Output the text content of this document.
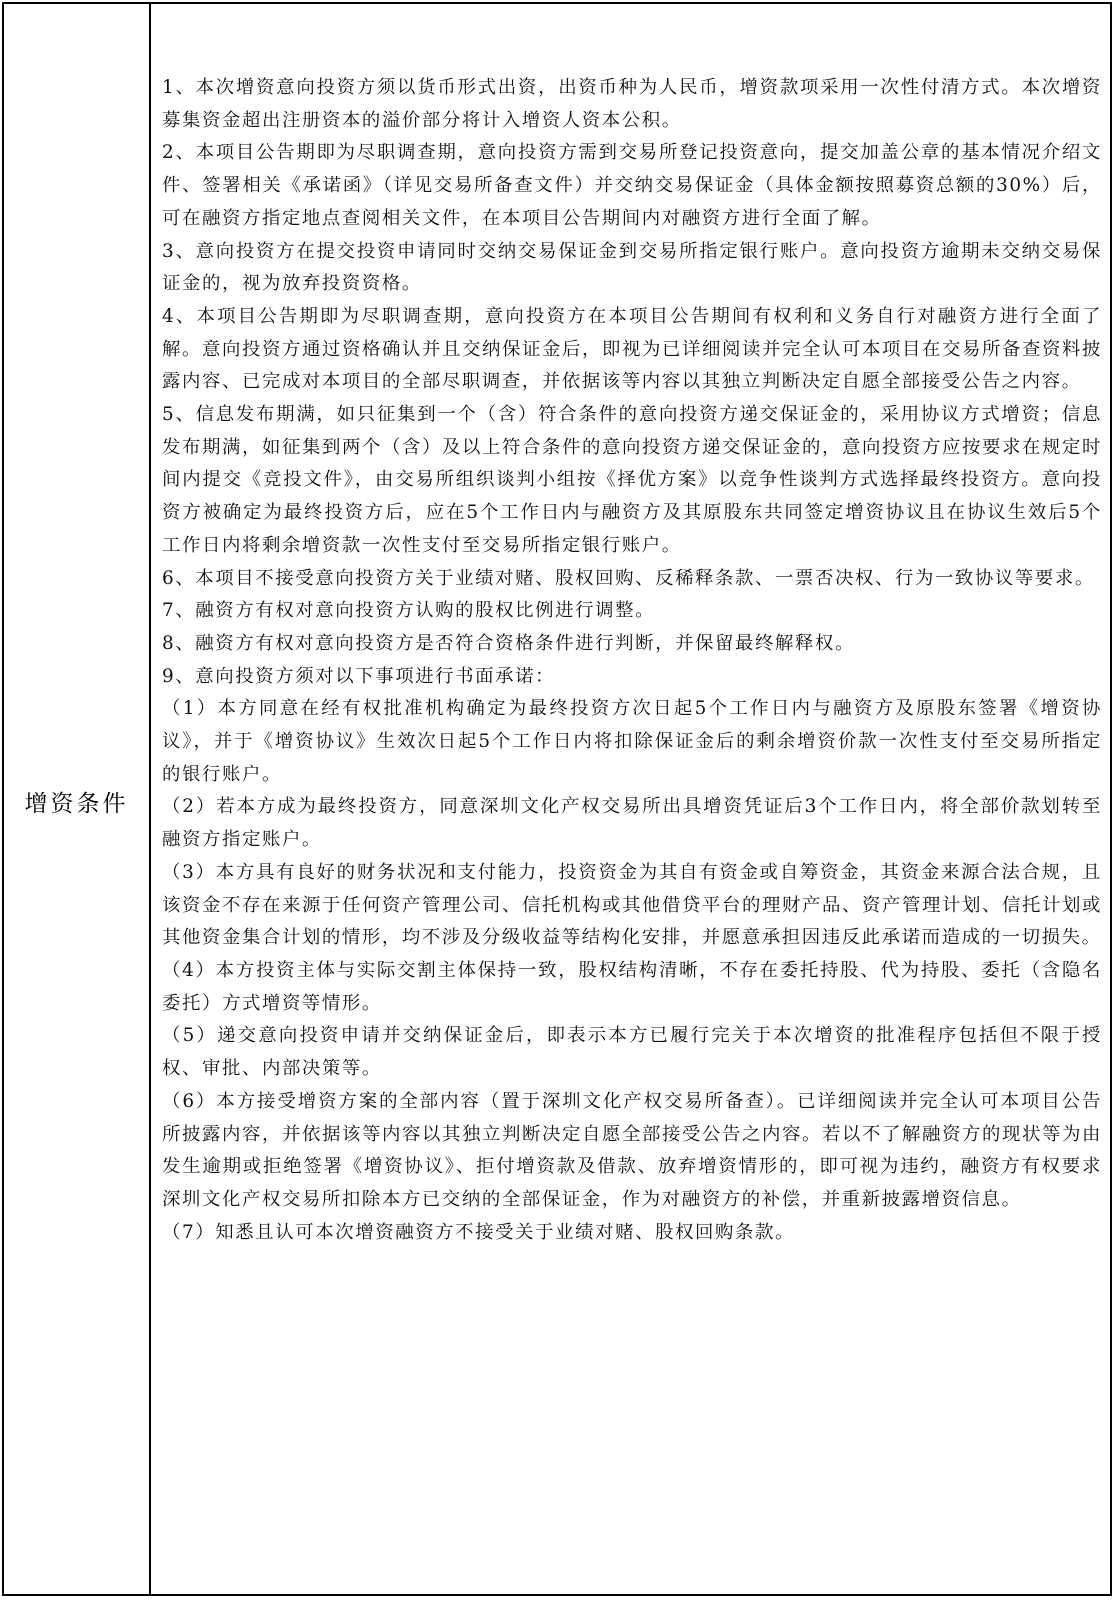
增资条件

1、本次增资意向投资方须以货币形式出资，出资币种为人民币，增资款项采用一次性付清方式。本次增资募集资金超出注册资本的溢价部分将计入增资人资本公积。

2、本项目公告期即为尽职调查期，意向投资方需到交易所登记投资意向，提交加盖公章的基本情况介绍文件、签署相关《承诺函》（详见交易所备查文件）并交纳交易保证金（具体金额按照募资总额的30%）后，可在融资方指定地点查阅相关文件，在本项目公告期间内对融资方进行全面了解。

3、意向投资方在提交投资申请同时交纳交易保证金到交易所指定银行账户。意向投资方逾期未交纳交易保证金的，视为放弃投资资格。

4、本项目公告期即为尽职调查期，意向投资方在本项目公告期间有权利和义务自行对融资方进行全面了解。意向投资方通过资格确认并且交纳保证金后，即视为已详细阅读并完全认可本项目在交易所备查资料披露内容、已完成对本项目的全部尽职调查，并依据该等内容以其独立判断决定自愿全部接受公告之内容。

5、信息发布期满，如只征集到一个（含）符合条件的意向投资方递交保证金的，采用协议方式增资；信息发布期满，如征集到两个（含）及以上符合条件的意向投资方递交保证金的，意向投资方应按要求在规定时间内提交《竞投文件》，由交易所组织谈判小组按《择优方案》以竞争性谈判方式选择最终投资方。意向投资方被确定为最终投资方后，应在5个工作日内与融资方及其原股东共同签定增资协议且在协议生效后5个工作日内将剩余增资款一次性支付至交易所指定银行账户。

6、本项目不接受意向投资方关于业绩对赌、股权回购、反稀释条款、一票否决权、行为一致协议等要求。

7、融资方有权对意向投资方认购的股权比例进行调整。

8、融资方有权对意向投资方是否符合资格条件进行判断，并保留最终解释权。

9、意向投资方须对以下事项进行书面承诺：

（1）本方同意在经有权批准机构确定为最终投资方次日起5个工作日内与融资方及原股东签署《增资协议》，并于《增资协议》生效次日起5个工作日内将扣除保证金后的剩余增资价款一次性支付至交易所指定的银行账户。

（2）若本方成为最终投资方，同意深圳文化产权交易所出具增资凭证后3个工作日内，将全部价款划转至融资方指定账户。

（3）本方具有良好的财务状况和支付能力，投资资金为其自有资金或自筹资金，其资金来源合法合规，且该资金不存在来源于任何资产管理公司、信托机构或其他借贷平台的理财产品、资产管理计划、信托计划或其他资金集合计划的情形，均不涉及分级收益等结构化安排，并愿意承担因违反此承诺而造成的一切损失。

（4）本方投资主体与实际交割主体保持一致，股权结构清晰，不存在委托持股、代为持股、委托（含隐名委托）方式增资等情形。

（5）递交意向投资申请并交纳保证金后，即表示本方已履行完关于本次增资的批准程序包括但不限于授权、审批、内部决策等。

（6）本方接受增资方案的全部内容（置于深圳文化产权交易所备查）。已详细阅读并完全认可本项目公告所披露内容，并依据该等内容以其独立判断决定自愿全部接受公告之内容。若以不了解融资方的现状等为由发生逾期或拒绝签署《增资协议》、拒付增资款及借款、放弃增资情形的，即可视为违约，融资方有权要求深圳文化产权交易所扣除本方已交纳的全部保证金，作为对融资方的补偿，并重新披露增资信息。

（7）知悉且认可本次增资融资方不接受关于业绩对赌、股权回购条款。
